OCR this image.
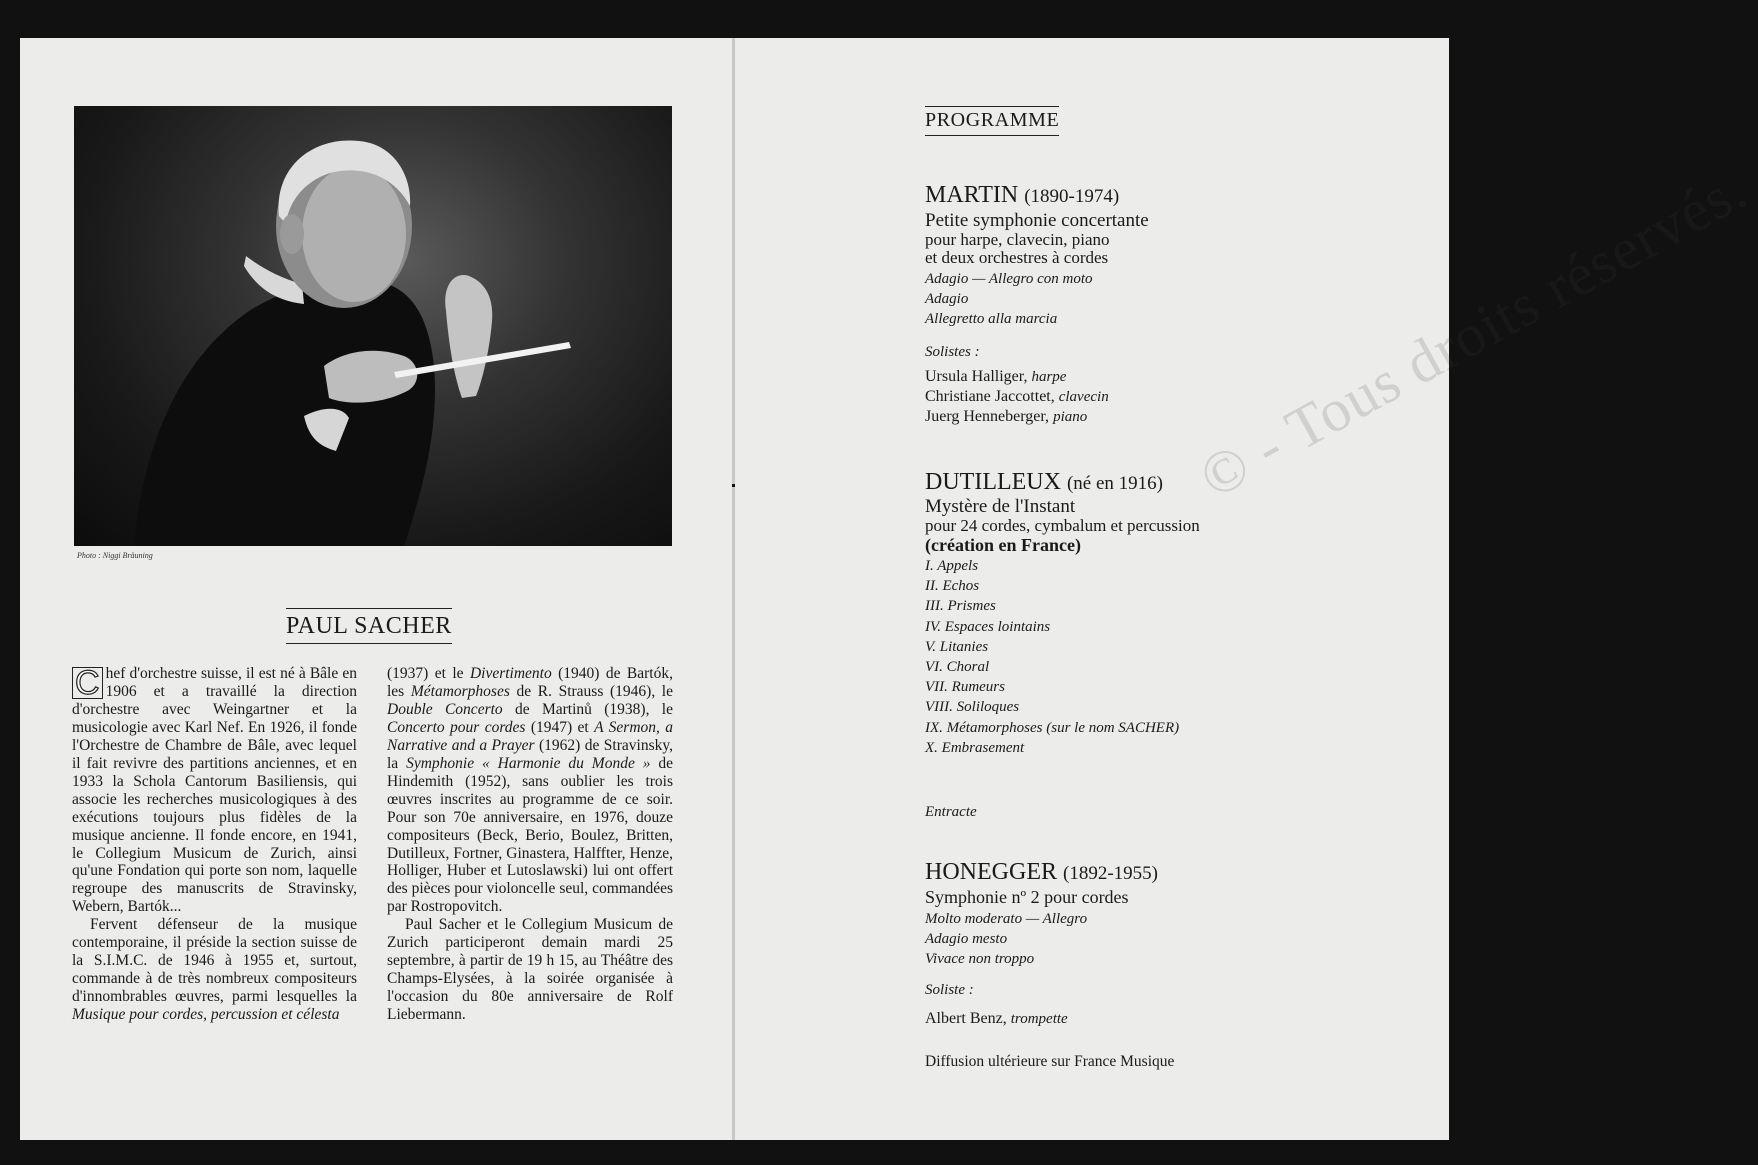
Photo : Niggi Bräuning
PAUL SACHER

C hef d'orchestre suisse, il est né à Bâle en 1906 et a travaillé la direction d'orchestre avec Weingartner et la musicologie avec Karl Nef. En 1926, il fonde l'Orchestre de Chambre de Bâle, avec lequel il fait revivre des partitions anciennes, et en 1933 la Schola Cantorum Basiliensis, qui associe les recherches musicologiques à des exécutions toujours plus fidèles de la musique ancienne. Il fonde encore, en 1941, le Collegium Musicum de Zurich, ainsi qu'une Fondation qui porte son nom, laquelle regroupe des manuscrits de Stravinsky, Webern, Bartók...

Fervent défenseur de la musique contemporaine, il préside la section suisse de la S.I.M.C. de 1946 à 1955 et, surtout, commande à de très nombreux compositeurs d'innombrables œuvres, parmi lesquelles la Musique pour cordes, percussion et célesta

(1937) et le Divertimento (1940) de Bartók, les Métamorphoses de R. Strauss (1946), le Double Concerto de Martinů (1938), le Concerto pour cordes (1947) et A Sermon, a Narrative and a Prayer (1962) de Stravinsky, la Symphonie « Harmonie du Monde » de Hindemith (1952), sans oublier les trois œuvres inscrites au programme de ce soir. Pour son 70e anniversaire, en 1976, douze compositeurs (Beck, Berio, Boulez, Britten, Dutilleux, Fortner, Ginastera, Halffter, Henze, Holliger, Huber et Lutoslawski) lui ont offert des pièces pour violoncelle seul, commandées par Rostropovitch.

Paul Sacher et le Collegium Musicum de Zurich participeront demain mardi 25 septembre, à partir de 19 h 15, au Théâtre des Champs-Elysées, à la soirée organisée à l'occasion du 80e anniversaire de Rolf Liebermann.

© - Tous droits réservés.
PROGRAMME
MARTIN (1890-1974)
Petite symphonie concertante
pour harpe, clavecin, piano
et deux orchestres à cordes
Adagio — Allegro con moto
Adagio
Allegretto alla marcia
Solistes :
Ursula Halliger, harpe
Christiane Jaccottet, clavecin
Juerg Henneberger, piano
DUTILLEUX (né en 1916)
Mystère de l'Instant
pour 24 cordes, cymbalum et percussion
(création en France)
I. Appels
II. Echos
III. Prismes
IV. Espaces lointains
V. Litanies
VI. Choral
VII. Rumeurs
VIII. Soliloques
IX. Métamorphoses (sur le nom SACHER)
X. Embrasement
Entracte
HONEGGER (1892-1955)
Symphonie nº 2 pour cordes
Molto moderato — Allegro
Adagio mesto
Vivace non troppo
Soliste :
Albert Benz, trompette
Diffusion ultérieure sur France Musique
